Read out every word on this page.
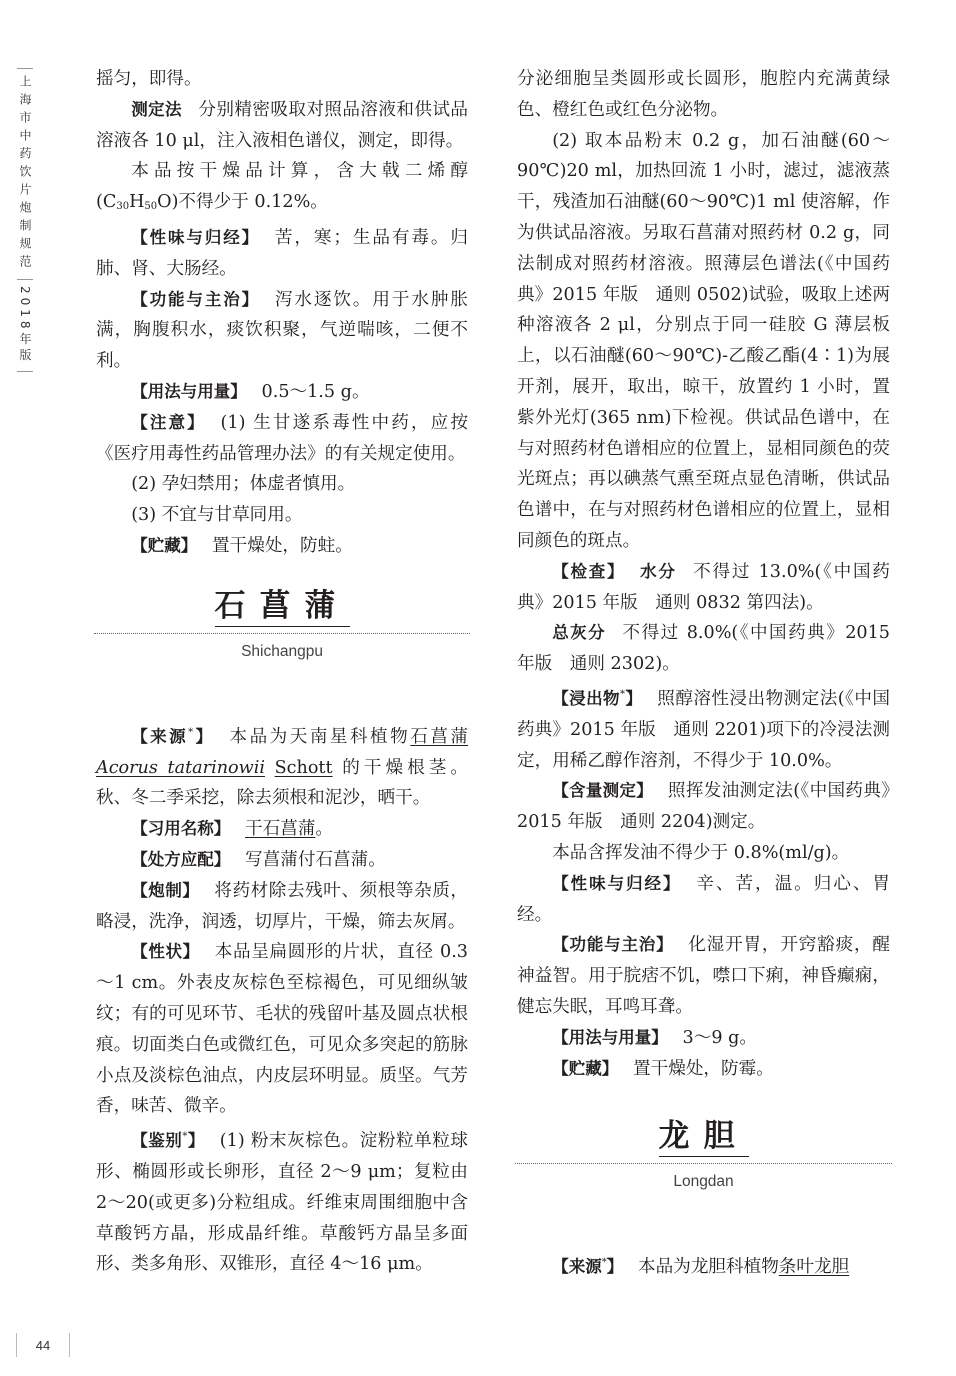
上海市中药饮片炮制规范
2018年版

摇匀，即得。

测定法 分别精密吸取对照品溶液和供试品溶液各 10 μl，注入液相色谱仪，测定，即得。

本品按干燥品计算，含大戟二烯醇$(C_{30}H_{50}O)$不得少于 0.12%。

【性味与归经】 苦，寒；生品有毒。归肺、肾、大肠经。

【功能与主治】 泻水逐饮。用于水肿胀满，胸腹积水，痰饮积聚，气逆喘咳，二便不利。

【用法与用量】 0.5～1.5 g。

【注意】 (1) 生甘遂系毒性中药，应按《医疗用毒性药品管理办法》的有关规定使用。

(2) 孕妇禁用；体虚者慎用。

(3) 不宜与甘草同用。

【贮藏】 置干燥处，防蛀。

石菖蒲
Shichangpu

【来源*】 本品为天南星科植物石菖蒲 Acorus tatarinowii Schott 的干燥根茎。秋、冬二季采挖，除去须根和泥沙，晒干。

【习用名称】 干石菖蒲。

【处方应配】 写菖蒲付石菖蒲。

【炮制】 将药材除去残叶、须根等杂质，略浸，洗净，润透，切厚片，干燥，筛去灰屑。

【性状】 本品呈扁圆形的片状，直径 0.3～1 cm。外表皮灰棕色至棕褐色，可见细纵皱纹；有的可见环节、毛状的残留叶基及圆点状根痕。切面类白色或微红色，可见众多突起的筋脉小点及淡棕色油点，内皮层环明显。质坚。气芳香，味苦、微辛。

【鉴别*】 (1) 粉末灰棕色。淀粉粒单粒球形、椭圆形或长卵形，直径 2～9 μm；复粒由 2～20(或更多)分粒组成。纤维束周围细胞中含草酸钙方晶，形成晶纤维。草酸钙方晶呈多面形、类多角形、双锥形，直径 4～16 μm。

分泌细胞呈类圆形或长圆形，胞腔内充满黄绿色、橙红色或红色分泌物。

(2) 取本品粉末 0.2 g，加石油醚(60～90℃)20 ml，加热回流 1 小时，滤过，滤液蒸干，残渣加石油醚(60～90℃)1 ml 使溶解，作为供试品溶液。另取石菖蒲对照药材 0.2 g，同法制成对照药材溶液。照薄层色谱法(《中国药典》2015 年版　通则 0502)试验，吸取上述两种溶液各 2 μl，分别点于同一硅胶 G 薄层板上，以石油醚(60～90℃)-乙酸乙酯(4∶1)为展开剂，展开，取出，晾干，放置约 1 小时，置紫外光灯(365 nm)下检视。供试品色谱中，在与对照药材色谱相应的位置上，显相同颜色的荧光斑点；再以碘蒸气熏至斑点显色清晰，供试品色谱中，在与对照药材色谱相应的位置上，显相同颜色的斑点。

【检查】 水分 不得过 13.0%(《中国药典》2015 年版　通则 0832 第四法)。

总灰分 不得过 8.0%(《中国药典》2015 年版　通则 2302)。

【浸出物*】 照醇溶性浸出物测定法(《中国药典》2015 年版　通则 2201)项下的冷浸法测定，用稀乙醇作溶剂，不得少于 10.0%。

【含量测定】 照挥发油测定法(《中国药典》2015 年版　通则 2204)测定。

本品含挥发油不得少于 0.8%(ml/g)。

【性味与归经】 辛、苦，温。归心、胃经。

【功能与主治】 化湿开胃，开窍豁痰，醒神益智。用于脘痞不饥，噤口下痢，神昏癫痫，健忘失眠，耳鸣耳聋。

【用法与用量】 3～9 g。

【贮藏】 置干燥处，防霉。

龙胆
Longdan

【来源*】 本品为龙胆科植物条叶龙胆

44
